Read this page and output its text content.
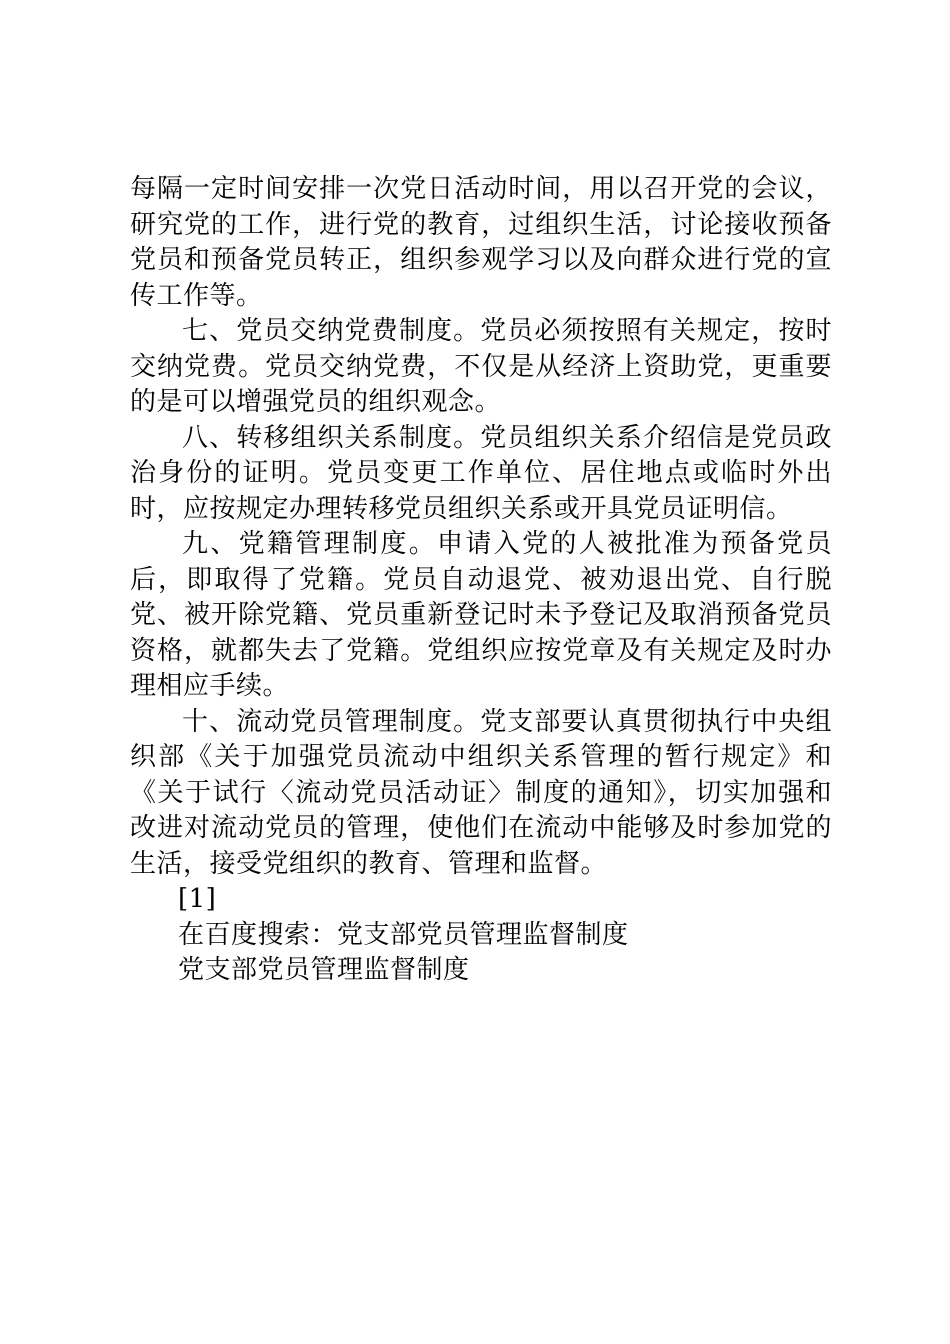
每隔一定时间安排一次党日活动时间，用以召开党的会议，研究党的工作，进行党的教育，过组织生活，讨论接收预备党员和预备党员转正，组织参观学习以及向群众进行党的宣传工作等。

七、党员交纳党费制度。党员必须按照有关规定，按时交纳党费。党员交纳党费，不仅是从经济上资助党，更重要的是可以增强党员的组织观念。

八、转移组织关系制度。党员组织关系介绍信是党员政治身份的证明。党员变更工作单位、居住地点或临时外出时，应按规定办理转移党员组织关系或开具党员证明信。

九、党籍管理制度。申请入党的人被批准为预备党员后，即取得了党籍。党员自动退党、被劝退出党、自行脱党、被开除党籍、党员重新登记时未予登记及取消预备党员资格，就都失去了党籍。党组织应按党章及有关规定及时办理相应手续。

十、流动党员管理制度。党支部要认真贯彻执行中央组织部《关于加强党员流动中组织关系管理的暂行规定》和《关于试行〈流动党员活动证〉制度的通知》，切实加强和改进对流动党员的管理，使他们在流动中能够及时参加党的生活，接受党组织的教育、管理和监督。

[1]

在百度搜索：党支部党员管理监督制度

党支部党员管理监督制度
